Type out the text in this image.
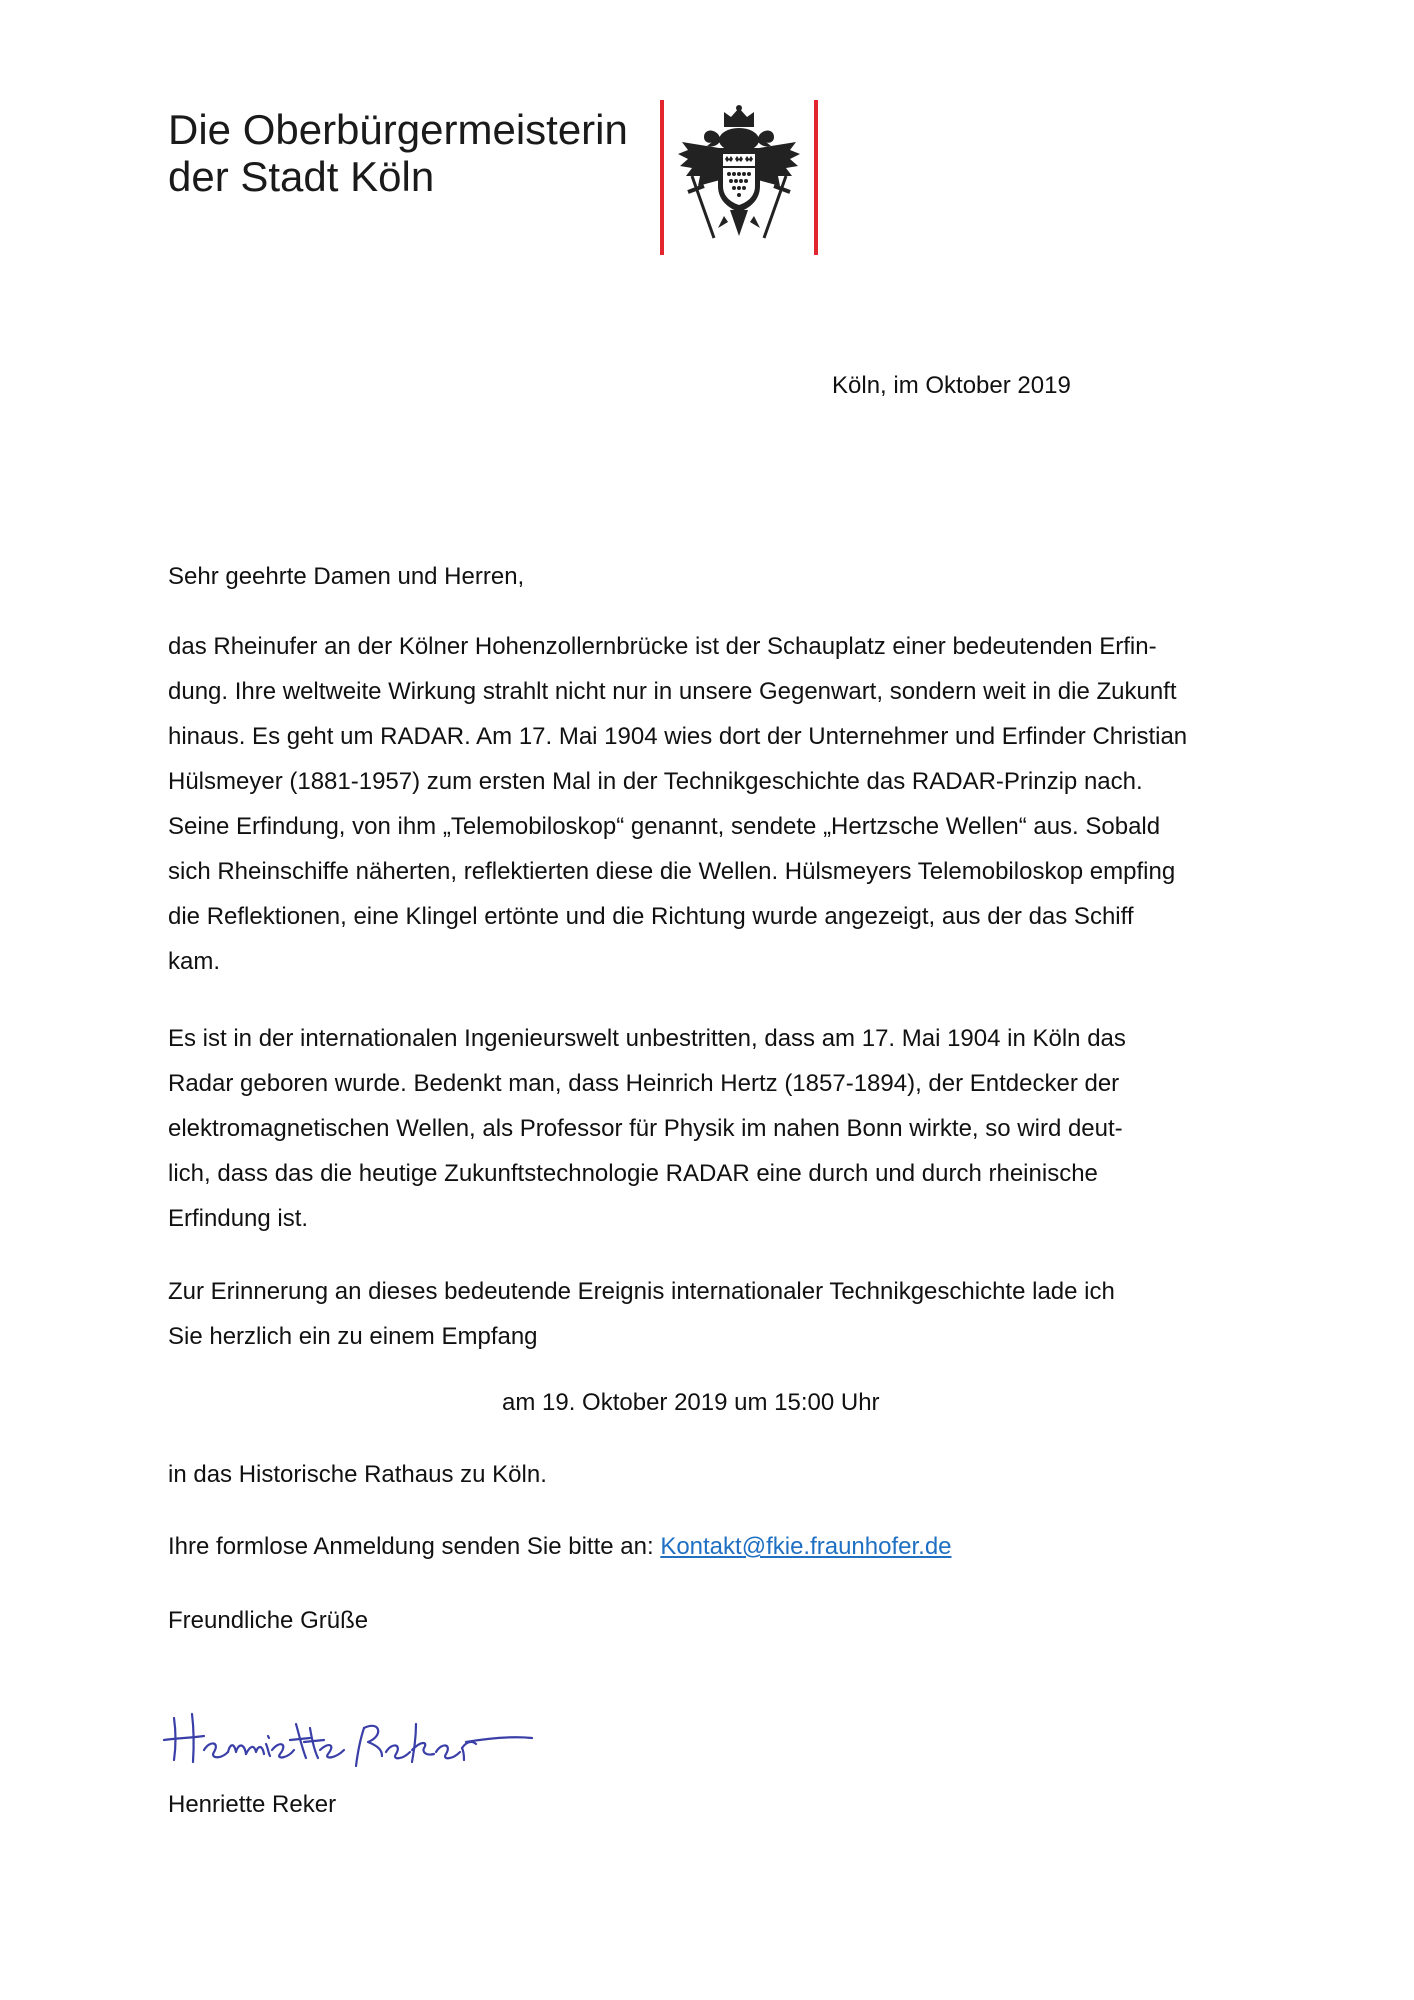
Die Oberbürgermeisterin
der Stadt Köln
Köln, im Oktober 2019

Sehr geehrte Damen und Herren,

das Rheinufer an der Kölner Hohenzollernbrücke ist der Schauplatz einer bedeutenden Erfin-

dung. Ihre weltweite Wirkung strahlt nicht nur in unsere Gegenwart, sondern weit in die Zukunft

hinaus. Es geht um RADAR. Am 17. Mai 1904 wies dort der Unternehmer und Erfinder Christian

Hülsmeyer (1881-1957) zum ersten Mal in der Technikgeschichte das RADAR-Prinzip nach.

Seine Erfindung, von ihm „Telemobiloskop“ genannt, sendete „Hertzsche Wellen“ aus. Sobald

sich Rheinschiffe näherten, reflektierten diese die Wellen. Hülsmeyers Telemobiloskop empfing

die Reflektionen, eine Klingel ertönte und die Richtung wurde angezeigt, aus der das Schiff

kam.

Es ist in der internationalen Ingenieurswelt unbestritten, dass am 17. Mai 1904 in Köln das

Radar geboren wurde. Bedenkt man, dass Heinrich Hertz (1857-1894), der Entdecker der

elektromagnetischen Wellen, als Professor für Physik im nahen Bonn wirkte, so wird deut-

lich, dass das die heutige Zukunftstechnologie RADAR eine durch und durch rheinische

Erfindung ist.

Zur Erinnerung an dieses bedeutende Ereignis internationaler Technikgeschichte lade ich

Sie herzlich ein zu einem Empfang

am 19. Oktober 2019 um 15:00 Uhr
in das Historische Rathaus zu Köln.
Ihre formlose Anmeldung senden Sie bitte an: Kontakt@fkie.fraunhofer.de
Freundliche Grüße
Henriette Reker
